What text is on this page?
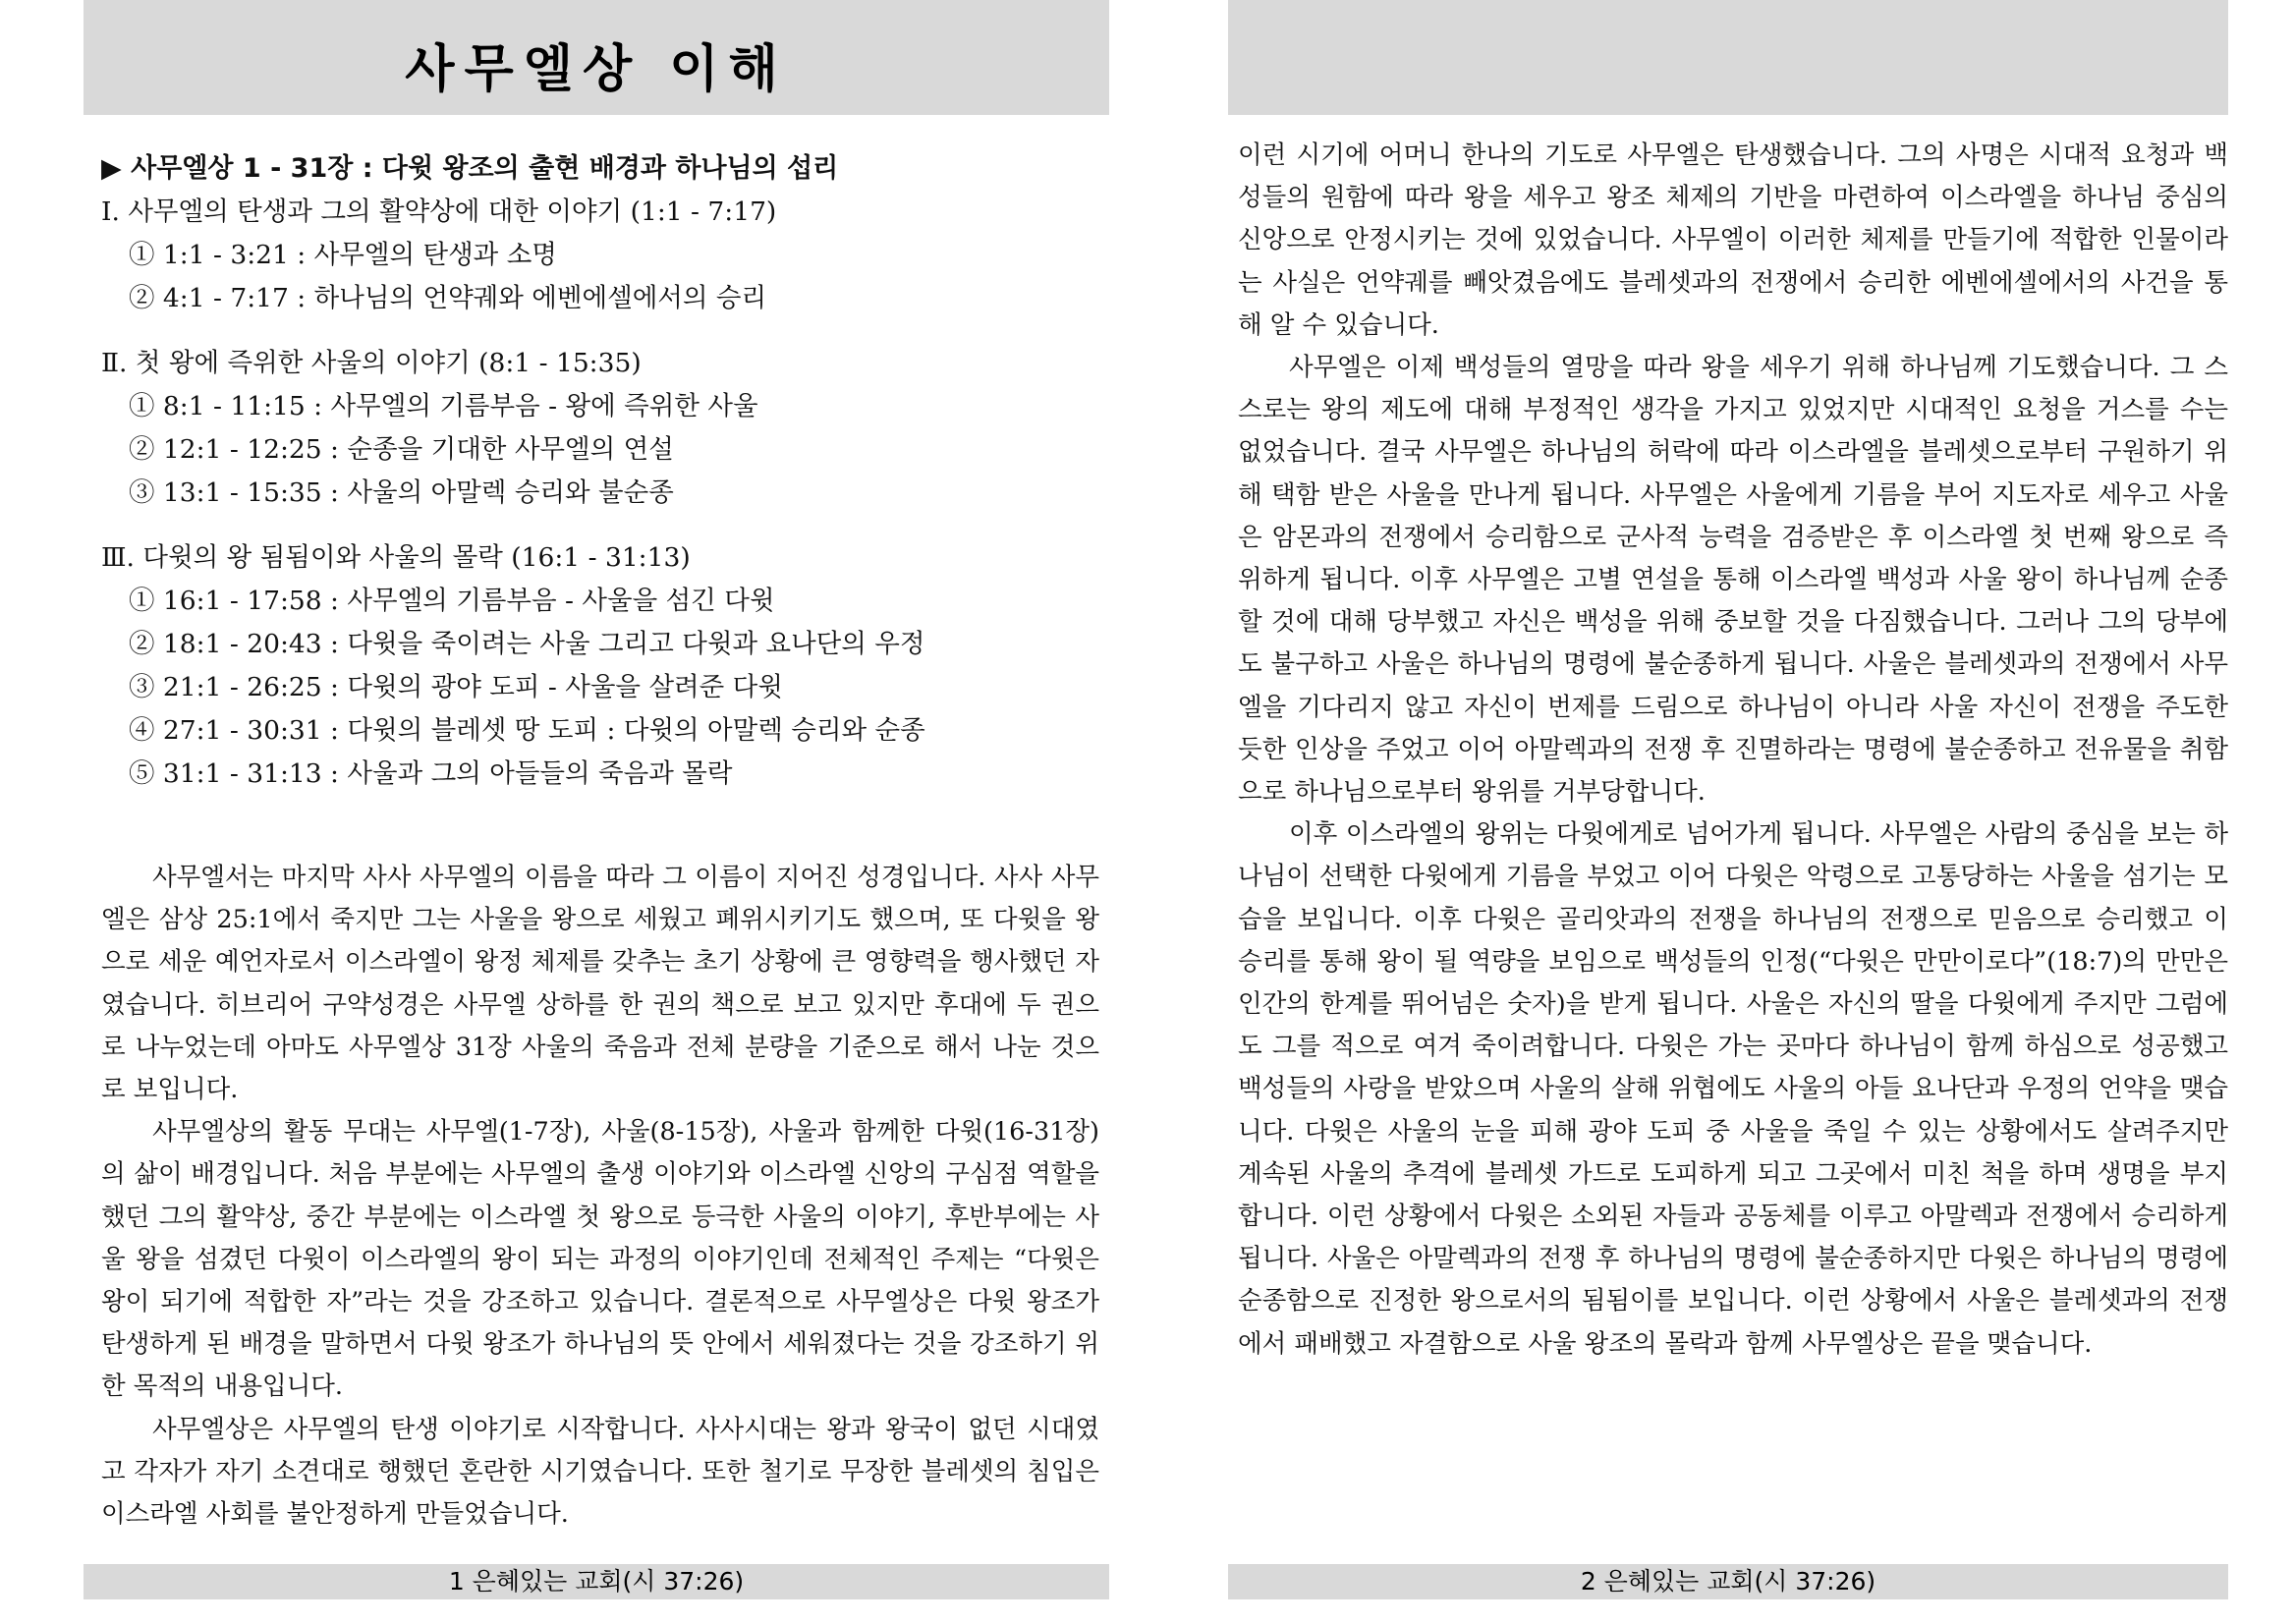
사무엘상 이해
▶ 사무엘상 1 - 31장 : 다윗 왕조의 출현 배경과 하나님의 섭리
Ⅰ. 사무엘의 탄생과 그의 활약상에 대한 이야기 (1:1 - 7:17)
① 1:1 - 3:21 : 사무엘의 탄생과 소명
② 4:1 - 7:17 : 하나님의 언약궤와 에벤에셀에서의 승리
Ⅱ. 첫 왕에 즉위한 사울의 이야기 (8:1 - 15:35)
① 8:1 - 11:15 : 사무엘의 기름부음 - 왕에 즉위한 사울
② 12:1 - 12:25 : 순종을 기대한 사무엘의 연설
③ 13:1 - 15:35 : 사울의 아말렉 승리와 불순종
Ⅲ. 다윗의 왕 됨됨이와 사울의 몰락 (16:1 - 31:13)
① 16:1 - 17:58 : 사무엘의 기름부음 - 사울을 섬긴 다윗
② 18:1 - 20:43 : 다윗을 죽이려는 사울 그리고 다윗과 요나단의 우정
③ 21:1 - 26:25 : 다윗의 광야 도피 - 사울을 살려준 다윗
④ 27:1 - 30:31 : 다윗의 블레셋 땅 도피 : 다윗의 아말렉 승리와 순종
⑤ 31:1 - 31:13 : 사울과 그의 아들들의 죽음과 몰락

사무엘서는 마지막 사사 사무엘의 이름을 따라 그 이름이 지어진 성경입니다. 사사 사무엘은 삼상 25:1에서 죽지만 그는 사울을 왕으로 세웠고 폐위시키기도 했으며, 또 다윗을 왕으로 세운 예언자로서 이스라엘이 왕정 체제를 갖추는 초기 상황에 큰 영향력을 행사했던 자였습니다. 히브리어 구약성경은 사무엘 상하를 한 권의 책으로 보고 있지만 후대에 두 권으로 나누었는데 아마도 사무엘상 31장 사울의 죽음과 전체 분량을 기준으로 해서 나눈 것으로 보입니다.

사무엘상의 활동 무대는 사무엘(1-7장), 사울(8-15장), 사울과 함께한 다윗(16-31장)의 삶이 배경입니다. 처음 부분에는 사무엘의 출생 이야기와 이스라엘 신앙의 구심점 역할을 했던 그의 활약상, 중간 부분에는 이스라엘 첫 왕으로 등극한 사울의 이야기, 후반부에는 사울 왕을 섬겼던 다윗이 이스라엘의 왕이 되는 과정의 이야기인데 전체적인 주제는 “다윗은 왕이 되기에 적합한 자”라는 것을 강조하고 있습니다. 결론적으로 사무엘상은 다윗 왕조가 탄생하게 된 배경을 말하면서 다윗 왕조가 하나님의 뜻 안에서 세워졌다는 것을 강조하기 위한 목적의 내용입니다.

사무엘상은 사무엘의 탄생 이야기로 시작합니다. 사사시대는 왕과 왕국이 없던 시대였고 각자가 자기 소견대로 행했던 혼란한 시기였습니다. 또한 철기로 무장한 블레셋의 침입은 이스라엘 사회를 불안정하게 만들었습니다.

1 은혜있는 교회(시 37:26)

이런 시기에 어머니 한나의 기도로 사무엘은 탄생했습니다. 그의 사명은 시대적 요청과 백성들의 원함에 따라 왕을 세우고 왕조 체제의 기반을 마련하여 이스라엘을 하나님 중심의 신앙으로 안정시키는 것에 있었습니다. 사무엘이 이러한 체제를 만들기에 적합한 인물이라는 사실은 언약궤를 빼앗겼음에도 블레셋과의 전쟁에서 승리한 에벤에셀에서의 사건을 통해 알 수 있습니다.

사무엘은 이제 백성들의 열망을 따라 왕을 세우기 위해 하나님께 기도했습니다. 그 스스로는 왕의 제도에 대해 부정적인 생각을 가지고 있었지만 시대적인 요청을 거스를 수는 없었습니다. 결국 사무엘은 하나님의 허락에 따라 이스라엘을 블레셋으로부터 구원하기 위해 택함 받은 사울을 만나게 됩니다. 사무엘은 사울에게 기름을 부어 지도자로 세우고 사울은 암몬과의 전쟁에서 승리함으로 군사적 능력을 검증받은 후 이스라엘 첫 번째 왕으로 즉위하게 됩니다. 이후 사무엘은 고별 연설을 통해 이스라엘 백성과 사울 왕이 하나님께 순종할 것에 대해 당부했고 자신은 백성을 위해 중보할 것을 다짐했습니다. 그러나 그의 당부에도 불구하고 사울은 하나님의 명령에 불순종하게 됩니다. 사울은 블레셋과의 전쟁에서 사무엘을 기다리지 않고 자신이 번제를 드림으로 하나님이 아니라 사울 자신이 전쟁을 주도한 듯한 인상을 주었고 이어 아말렉과의 전쟁 후 진멸하라는 명령에 불순종하고 전유물을 취함으로 하나님으로부터 왕위를 거부당합니다.

이후 이스라엘의 왕위는 다윗에게로 넘어가게 됩니다. 사무엘은 사람의 중심을 보는 하나님이 선택한 다윗에게 기름을 부었고 이어 다윗은 악령으로 고통당하는 사울을 섬기는 모습을 보입니다. 이후 다윗은 골리앗과의 전쟁을 하나님의 전쟁으로 믿음으로 승리했고 이 승리를 통해 왕이 될 역량을 보임으로 백성들의 인정(“다윗은 만만이로다”(18:7)의 만만은 인간의 한계를 뛰어넘은 숫자)을 받게 됩니다. 사울은 자신의 딸을 다윗에게 주지만 그럼에도 그를 적으로 여겨 죽이려합니다. 다윗은 가는 곳마다 하나님이 함께 하심으로 성공했고 백성들의 사랑을 받았으며 사울의 살해 위협에도 사울의 아들 요나단과 우정의 언약을 맺습니다. 다윗은 사울의 눈을 피해 광야 도피 중 사울을 죽일 수 있는 상황에서도 살려주지만 계속된 사울의 추격에 블레셋 가드로 도피하게 되고 그곳에서 미친 척을 하며 생명을 부지합니다. 이런 상황에서 다윗은 소외된 자들과 공동체를 이루고 아말렉과 전쟁에서 승리하게 됩니다. 사울은 아말렉과의 전쟁 후 하나님의 명령에 불순종하지만 다윗은 하나님의 명령에 순종함으로 진정한 왕으로서의 됨됨이를 보입니다. 이런 상황에서 사울은 블레셋과의 전쟁에서 패배했고 자결함으로 사울 왕조의 몰락과 함께 사무엘상은 끝을 맺습니다.

2 은혜있는 교회(시 37:26)
